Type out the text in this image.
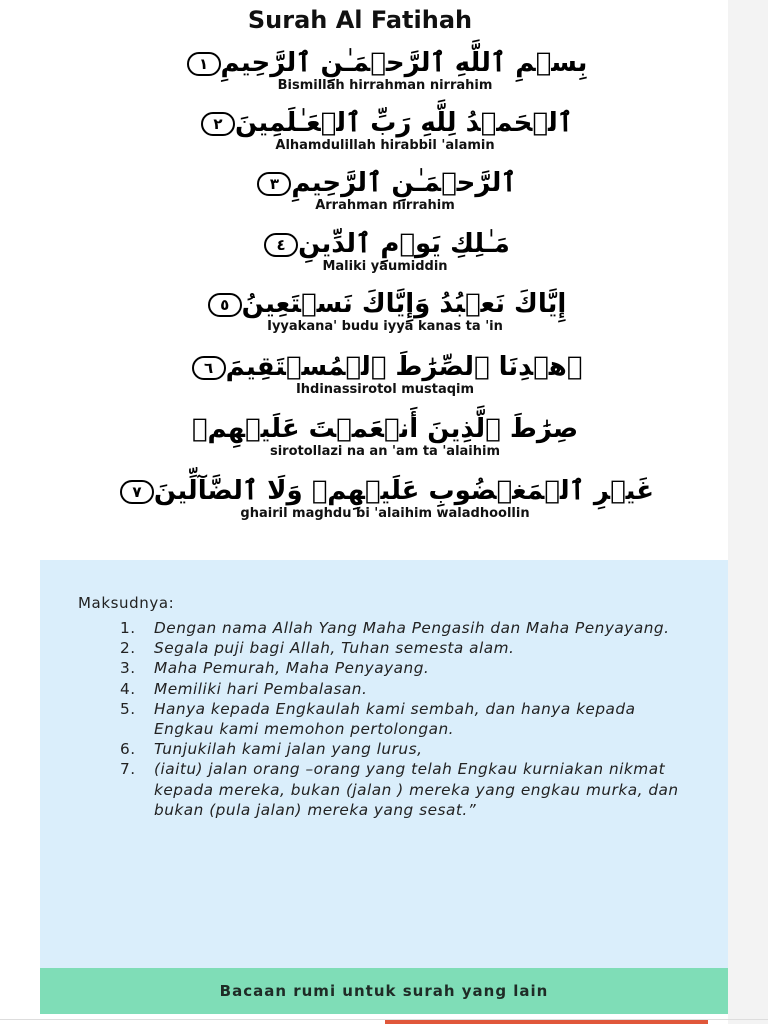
Surah Al Fatihah
بِسۡمِ ٱللَّهِ ٱلرَّحۡمَـٰنِ ٱلرَّحِيمِ١
Bismillah hirrahman nirrahim
ٱلۡحَمۡدُ لِلَّهِ رَبِّ ٱلۡعَـٰلَمِينَ٢
Alhamdulillah hirabbil 'alamin
ٱلرَّحۡمَـٰنِ ٱلرَّحِيمِ٣
Arrahman nirrahim
مَـٰلِكِ يَوۡمِ ٱلدِّينِ٤
Maliki yaumiddin
إِيَّاكَ نَعۡبُدُ وَإِيَّاكَ نَسۡتَعِينُ٥
Iyyakana' budu iyya kanas ta 'in
ٱهۡدِنَا ٱلصِّرَٰطَ ٱلۡمُسۡتَقِيمَ٦
Ihdinassirotol mustaqim
صِرَٰطَ ٱلَّذِينَ أَنۡعَمۡتَ عَلَيۡهِمۡ
sirotollazi na an 'am ta 'alaihim
غَيۡرِ ٱلۡمَغۡضُوبِ عَلَيۡهِمۡ وَلَا ٱلضَّآلِّينَ٧
ghairil maghdu bi 'alaihim waladhoollin
Maksudnya:
1. Dengan nama Allah Yang Maha Pengasih dan Maha Penyayang.
2. Segala puji bagi Allah, Tuhan semesta alam.
3. Maha Pemurah, Maha Penyayang.
4. Memiliki hari Pembalasan.
5. Hanya kepada Engkaulah kami sembah, dan hanya kepada Engkau kami memohon pertolongan.
6. Tunjukilah kami jalan yang lurus,
7. (iaitu) jalan orang –orang yang telah Engkau kurniakan nikmat kepada mereka, bukan (jalan ) mereka yang engkau murka, dan bukan (pula jalan) mereka yang sesat.”
Bacaan rumi untuk surah yang lain
